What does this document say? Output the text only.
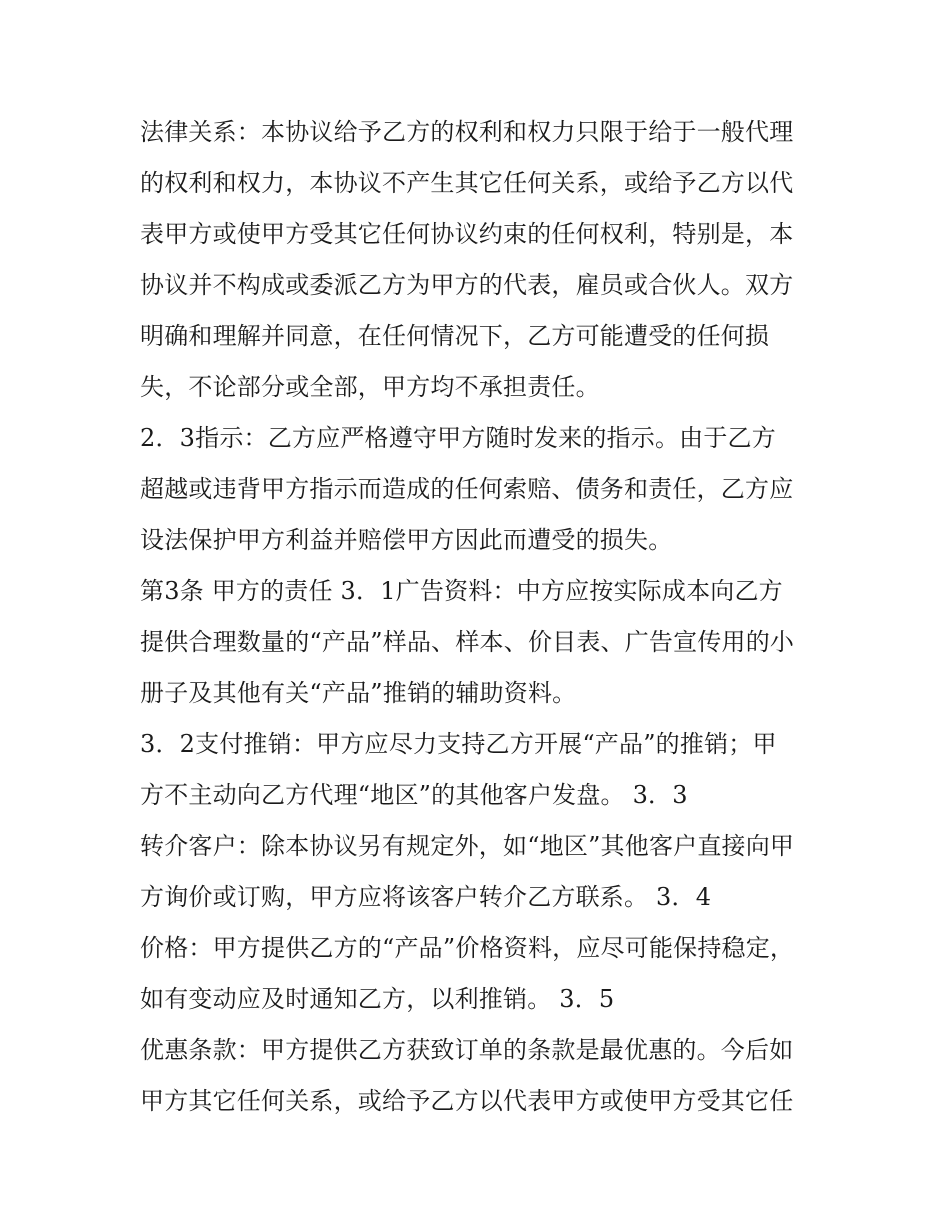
法律关系：本协议给予乙方的权利和权力只限于给于一般代理
的权利和权力，本协议不产生其它任何关系，或给予乙方以代
表甲方或使甲方受其它任何协议约束的任何权利，特别是，本
协议并不构成或委派乙方为甲方的代表，雇员或合伙人。双方
明确和理解并同意，在任何情况下，乙方可能遭受的任何损
失，不论部分或全部，甲方均不承担责任。
2．3指示：乙方应严格遵守甲方随时发来的指示。由于乙方
超越或违背甲方指示而造成的任何索赔、债务和责任，乙方应
设法保护甲方利益并赔偿甲方因此而遭受的损失。
第3条 甲方的责任 3．1广告资料：中方应按实际成本向乙方
提供合理数量的“产品”样品、样本、价目表、广告宣传用的小
册子及其他有关“产品”推销的辅助资料。
3．2支付推销：甲方应尽力支持乙方开展“产品”的推销；甲
方不主动向乙方代理“地区”的其他客户发盘。 3．3
转介客户：除本协议另有规定外，如“地区”其他客户直接向甲
方询价或订购，甲方应将该客户转介乙方联系。 3．4
价格：甲方提供乙方的“产品”价格资料，应尽可能保持稳定，
如有变动应及时通知乙方，以利推销。 3．5
优惠条款：甲方提供乙方获致订单的条款是最优惠的。今后如
甲方其它任何关系，或给予乙方以代表甲方或使甲方受其它任
